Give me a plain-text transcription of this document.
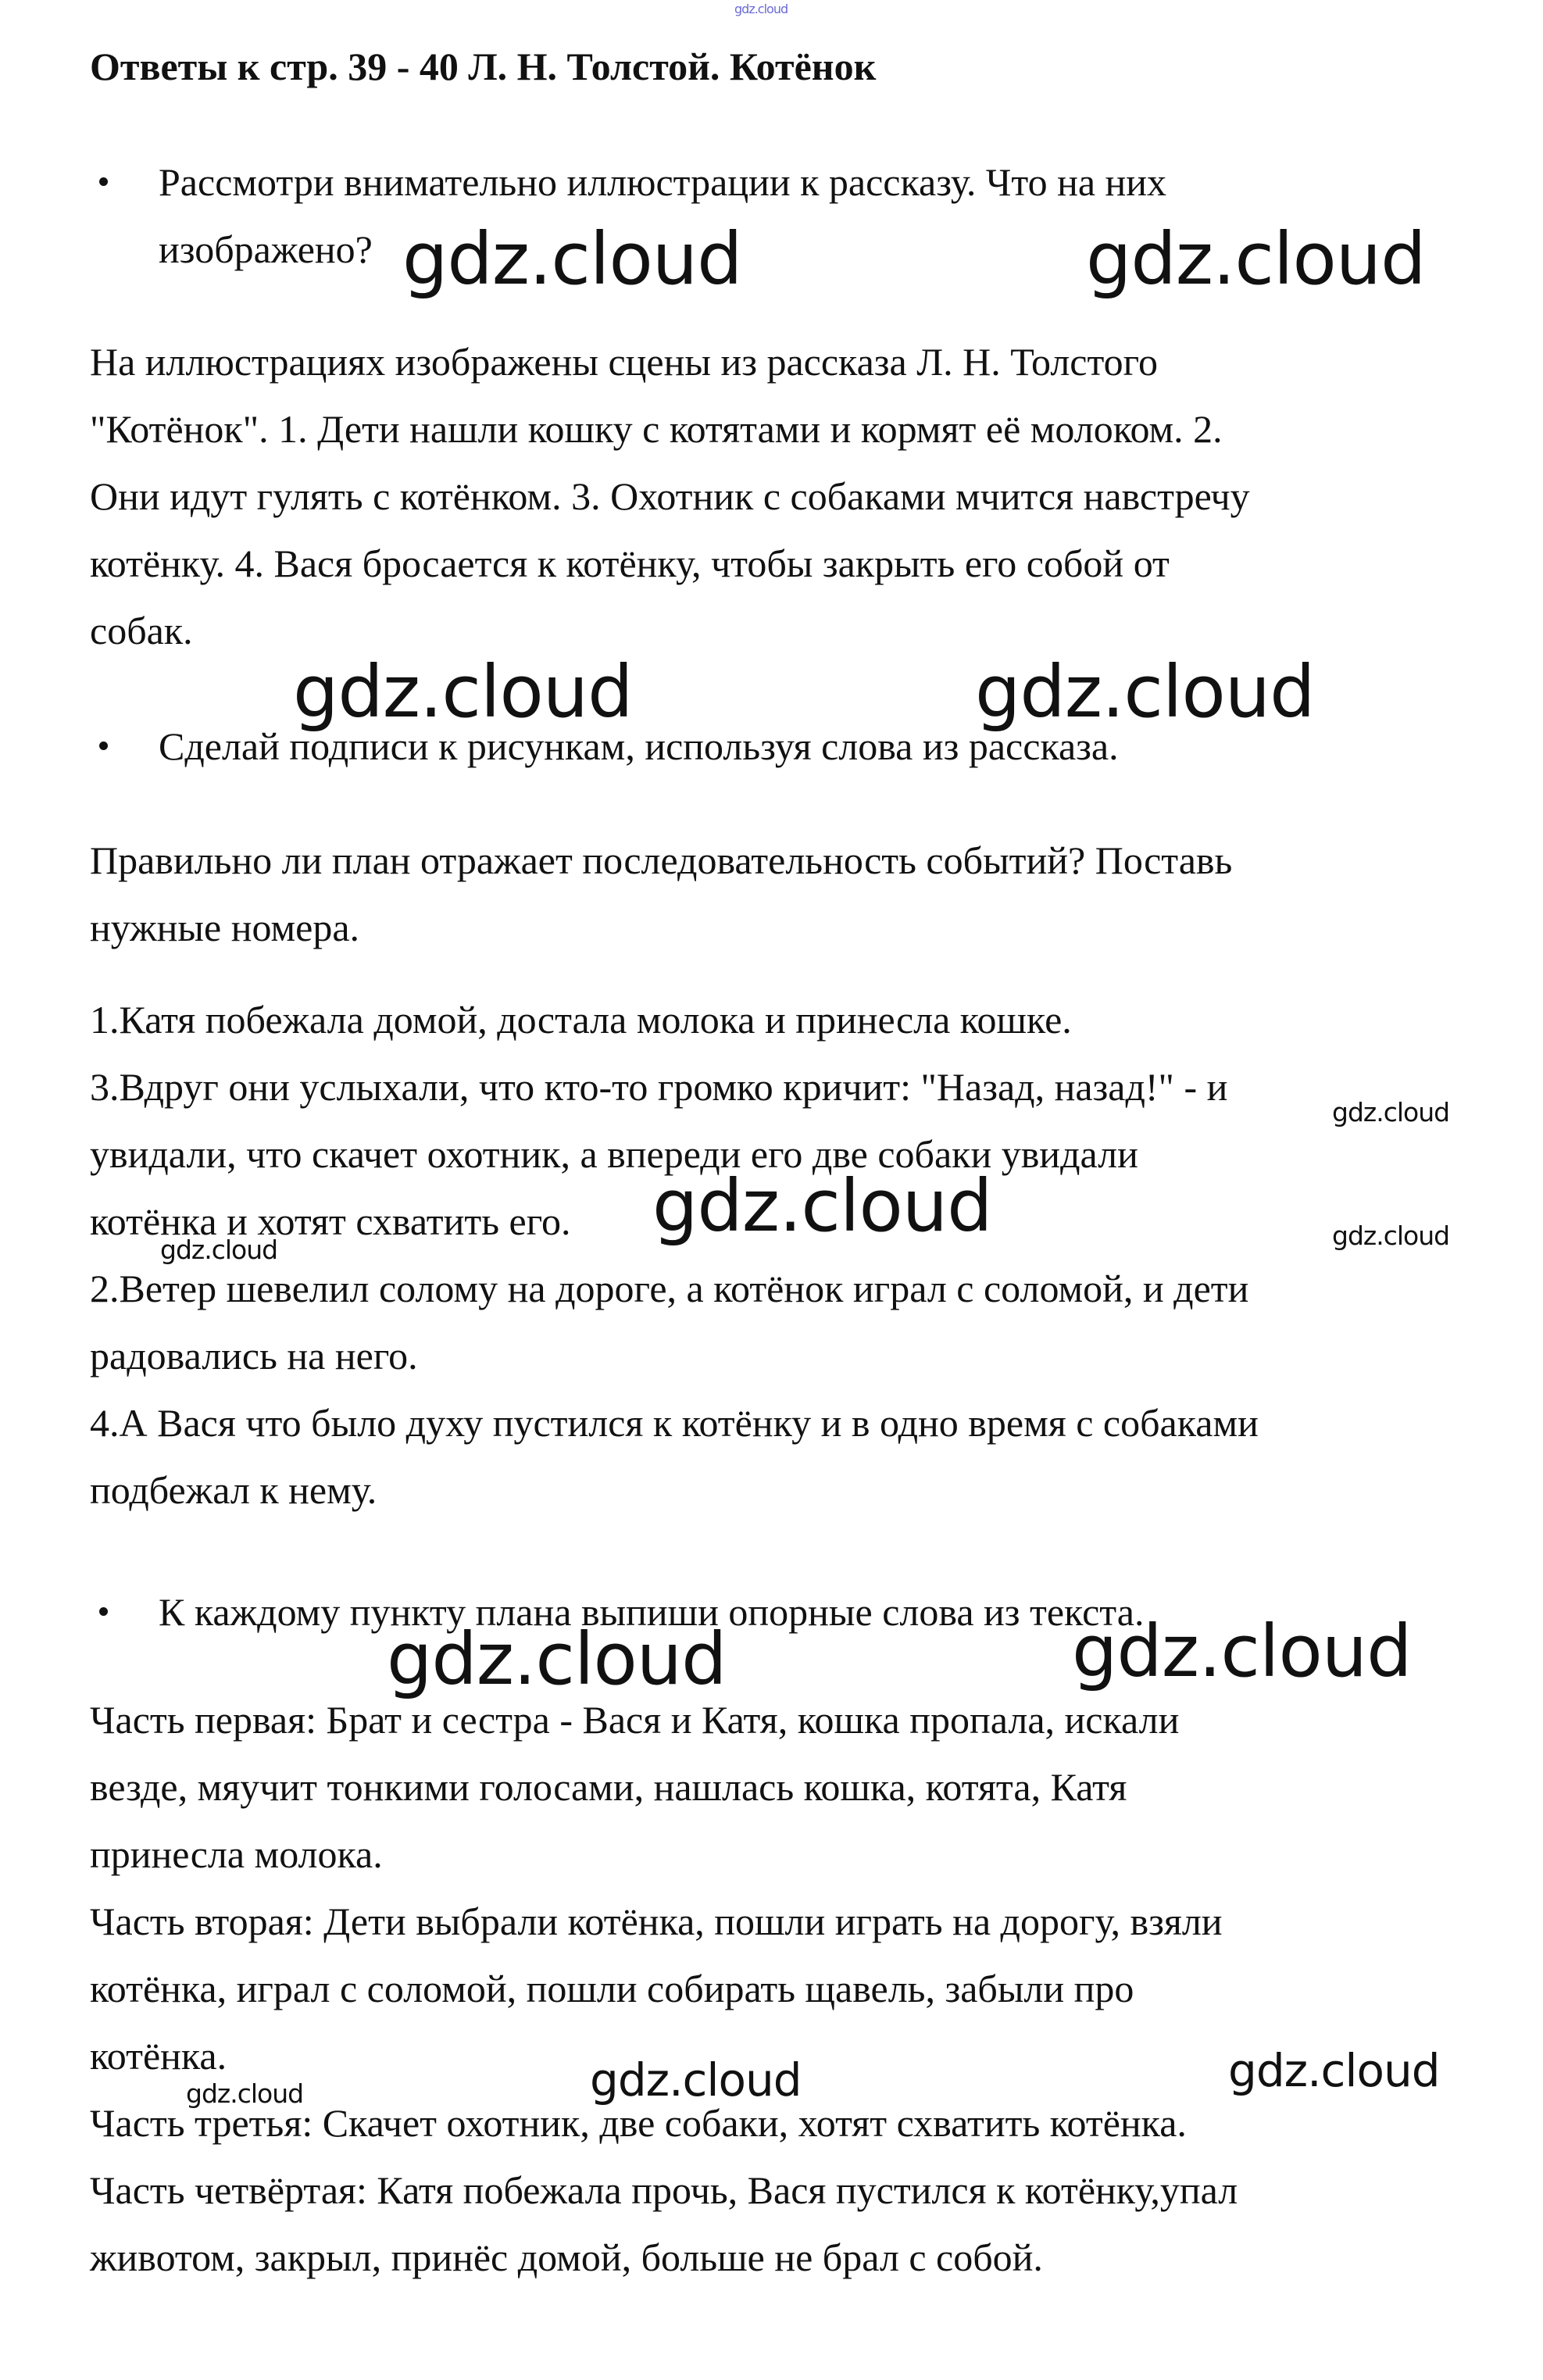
gdz.cloud
Ответы к стр. 39 - 40 Л. Н. Толстой. Котёнок
Рассмотри внимательно иллюстрации к рассказу. Что на них
изображено?
На иллюстрациях изображены сцены из рассказа Л. Н. Толстого
"Котёнок". 1. Дети нашли кошку с котятами и кормят её молоком. 2.
Они идут гулять с котёнком. 3. Охотник с собаками мчится навстречу
котёнку. 4. Вася бросается к котёнку, чтобы закрыть его собой от
собак.
Сделай подписи к рисункам, используя слова из рассказа.
Правильно ли план отражает последовательность событий? Поставь
нужные номера.
1.Катя побежала домой, достала молока и принесла кошке.
3.Вдруг они услыхали, что кто-то громко кричит: "Назад, назад!" - и
увидали, что скачет охотник, а впереди его две собаки увидали
котёнка и хотят схватить его.
2.Ветер шевелил солому на дороге, а котёнок играл с соломой, и дети
радовались на него.
4.А Вася что было духу пустился к котёнку и в одно время с собаками
подбежал к нему.
К каждому пункту плана выпиши опорные слова из текста.
Часть первая: Брат и сестра - Вася и Катя, кошка пропала, искали
везде, мяучит тонкими голосами, нашлась кошка, котята, Катя
принесла молока.
Часть вторая: Дети выбрали котёнка, пошли играть на дорогу, взяли
котёнка, играл с соломой, пошли собирать щавель, забыли про
котёнка.
Часть третья: Скачет охотник, две собаки, хотят схватить котёнка.
Часть четвёртая: Катя побежала прочь, Вася пустился к котёнку,упал
животом, закрыл, принёс домой, больше не брал с собой.
gdz.cloud	gdz.cloud
gdz.cloud	gdz.cloud
gdz.cloud
gdz.cloud	gdz.cloud
gdz.cloud
gdz.cloud	gdz.cloud
gdz.cloud	gdz.cloud
gdz.cloud
